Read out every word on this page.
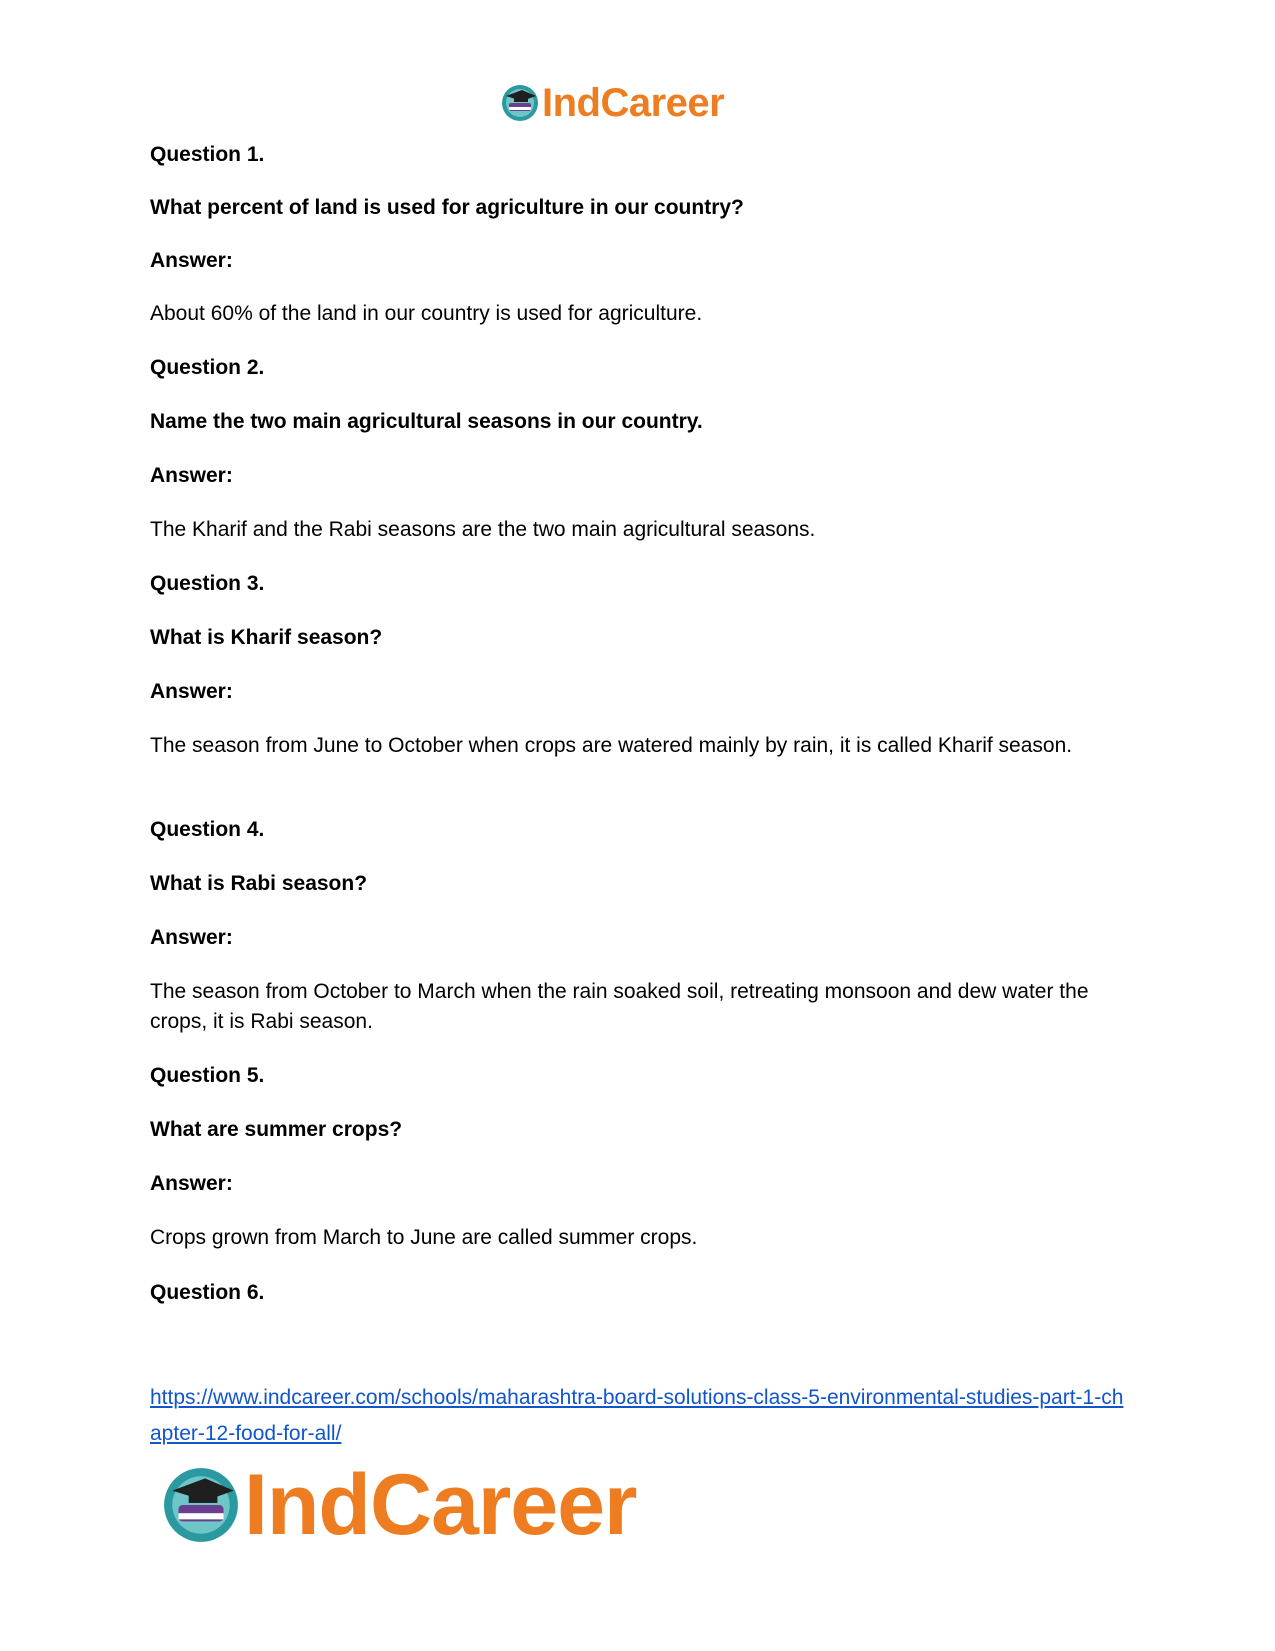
IndCareer
Question 1.
What percent of land is used for agriculture in our country?
Answer:
About 60% of the land in our country is used for agriculture.
Question 2.
Name the two main agricultural seasons in our country.
Answer:
The Kharif and the Rabi seasons are the two main agricultural seasons.
Question 3.
What is Kharif season?
Answer:
The season from June to October when crops are watered mainly by rain, it is called Kharif season.
Question 4.
What is Rabi season?
Answer:
The season from October to March when the rain soaked soil, retreating monsoon and dew water the crops, it is Rabi season.
Question 5.
What are summer crops?
Answer:
Crops grown from March to June are called summer crops.
Question 6.
https://www.indcareer.com/schools/maharashtra-board-solutions-class-5-environmental-studies-part-1-chapter-12-food-for-all/
IndCareer
